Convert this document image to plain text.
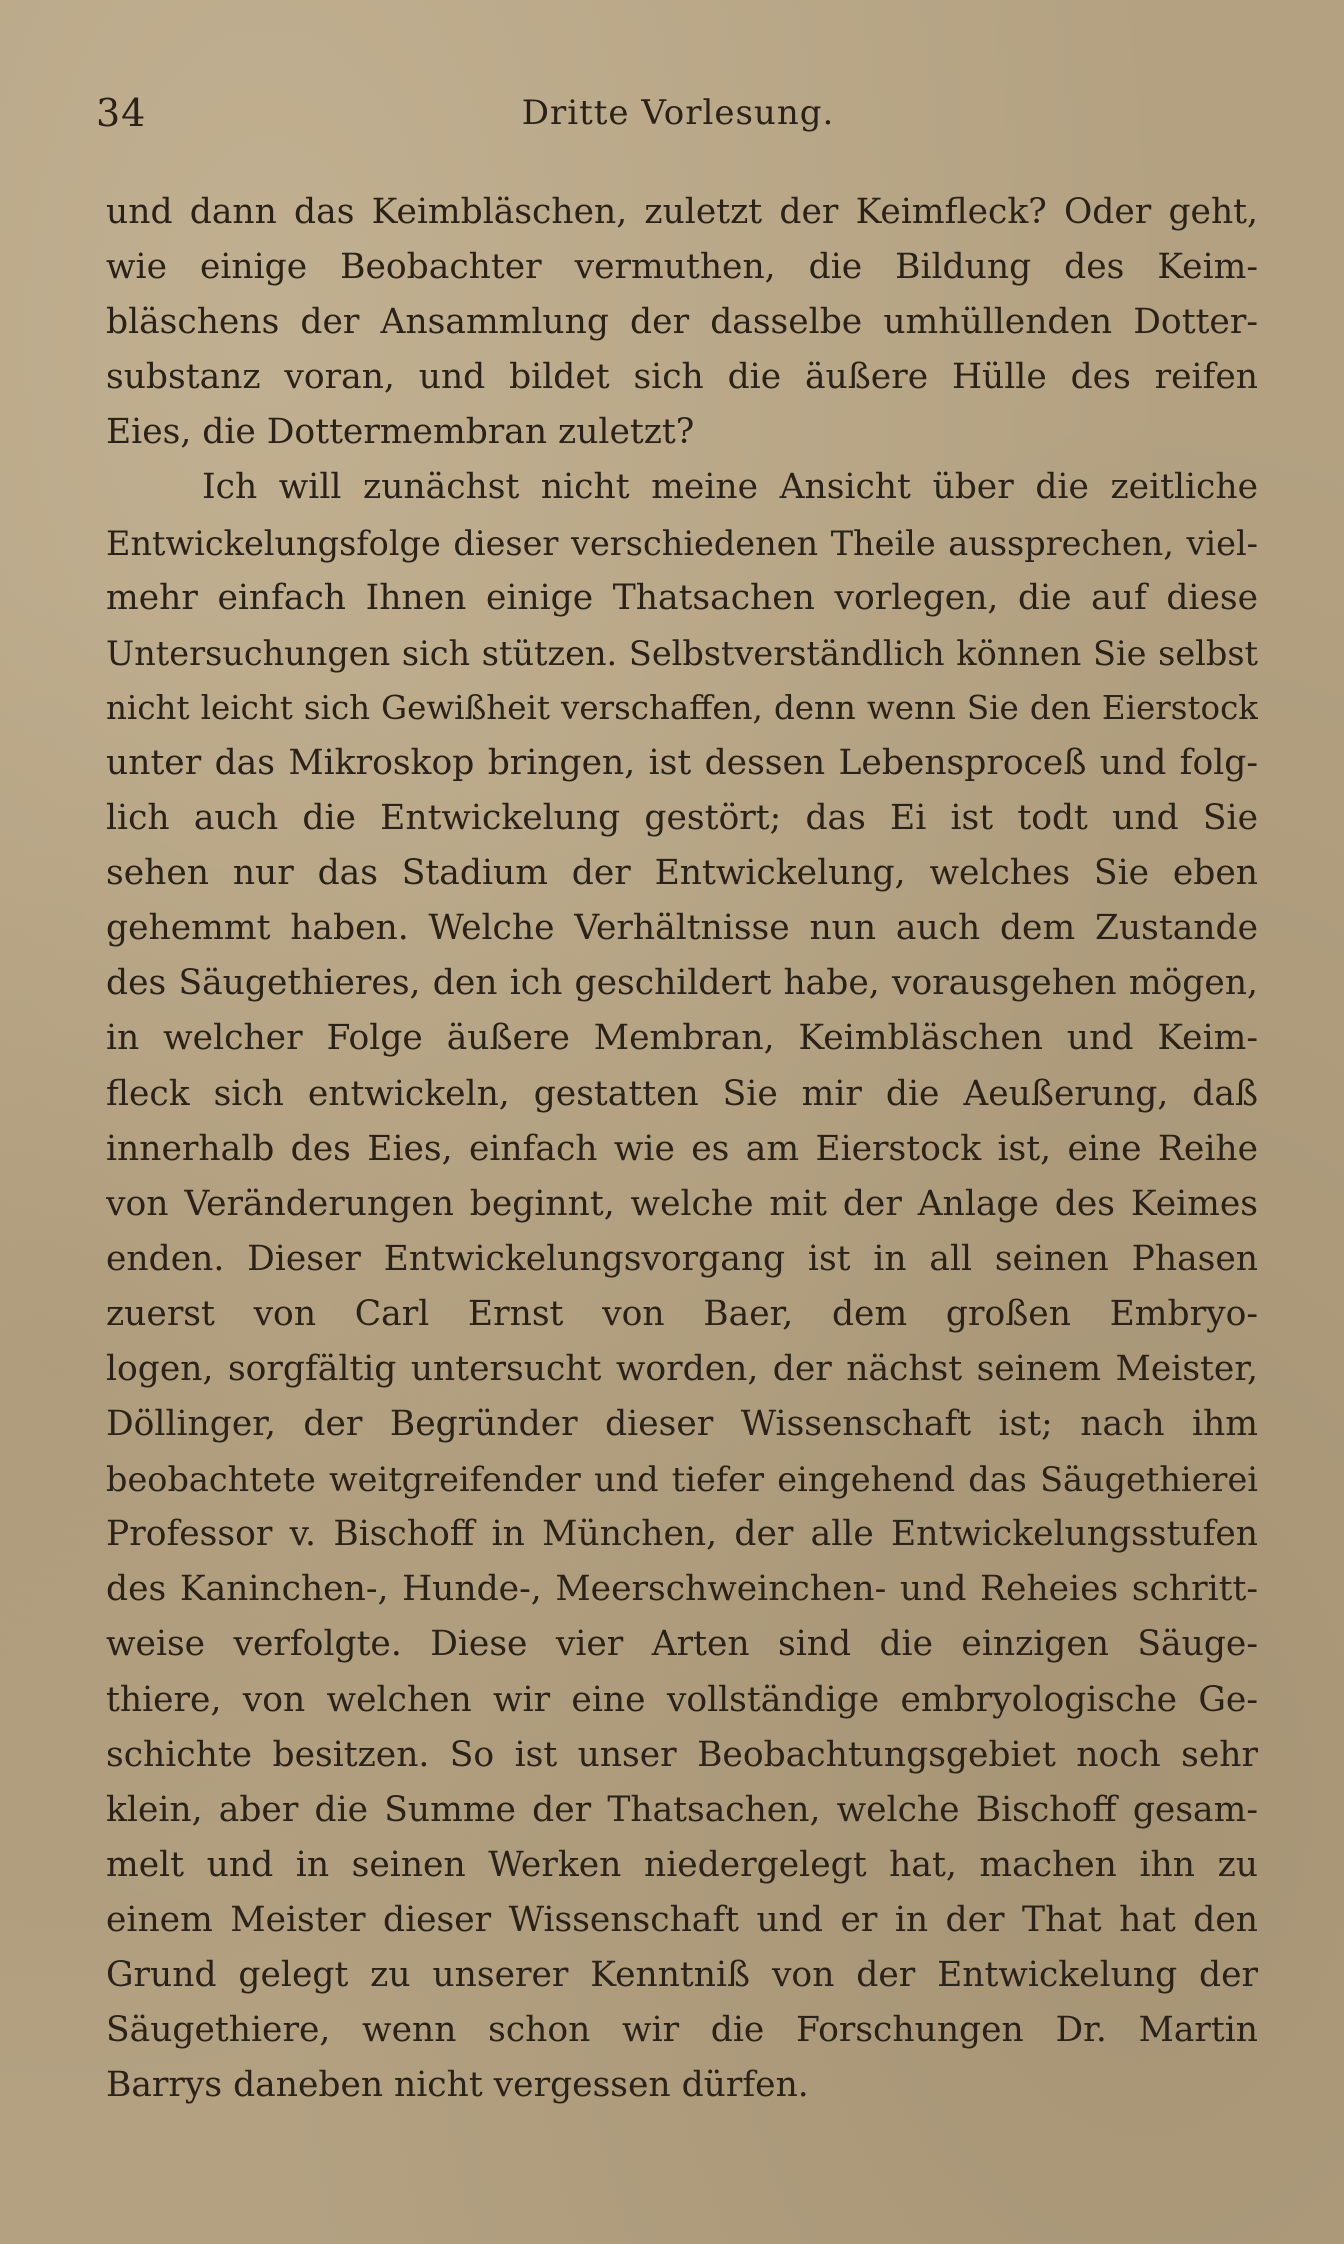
34	Dritte Vorlesung.
und dann das Keimbläschen, zuletzt der Keimfleck? Oder geht,
wie einige Beobachter vermuthen, die Bildung des Keim-
bläschens der Ansammlung der dasselbe umhüllenden Dotter-
substanz voran, und bildet sich die äußere Hülle des reifen
Eies, die Dottermembran zuletzt?
Ich will zunächst nicht meine Ansicht über die zeitliche
Entwickelungsfolge dieser verschiedenen Theile aussprechen, viel-
mehr einfach Ihnen einige Thatsachen vorlegen, die auf diese
Untersuchungen sich stützen. Selbstverständlich können Sie selbst
nicht leicht sich Gewißheit verschaffen, denn wenn Sie den Eierstock
unter das Mikroskop bringen, ist dessen Lebensproceß und folg-
lich auch die Entwickelung gestört; das Ei ist todt und Sie
sehen nur das Stadium der Entwickelung, welches Sie eben
gehemmt haben. Welche Verhältnisse nun auch dem Zustande
des Säugethieres, den ich geschildert habe, vorausgehen mögen,
in welcher Folge äußere Membran, Keimbläschen und Keim-
fleck sich entwickeln, gestatten Sie mir die Aeußerung, daß
innerhalb des Eies, einfach wie es am Eierstock ist, eine Reihe
von Veränderungen beginnt, welche mit der Anlage des Keimes
enden. Dieser Entwickelungsvorgang ist in all seinen Phasen
zuerst von Carl Ernst von Baer, dem großen Embryo-
logen, sorgfältig untersucht worden, der nächst seinem Meister,
Döllinger, der Begründer dieser Wissenschaft ist; nach ihm
beobachtete weitgreifender und tiefer eingehend das Säugethierei
Professor v. Bischoff in München, der alle Entwickelungsstufen
des Kaninchen-, Hunde-, Meerschweinchen- und Reheies schritt-
weise verfolgte. Diese vier Arten sind die einzigen Säuge-
thiere, von welchen wir eine vollständige embryologische Ge-
schichte besitzen. So ist unser Beobachtungsgebiet noch sehr
klein, aber die Summe der Thatsachen, welche Bischoff gesam-
melt und in seinen Werken niedergelegt hat, machen ihn zu
einem Meister dieser Wissenschaft und er in der That hat den
Grund gelegt zu unserer Kenntniß von der Entwickelung der
Säugethiere, wenn schon wir die Forschungen Dr. Martin
Barrys daneben nicht vergessen dürfen.
